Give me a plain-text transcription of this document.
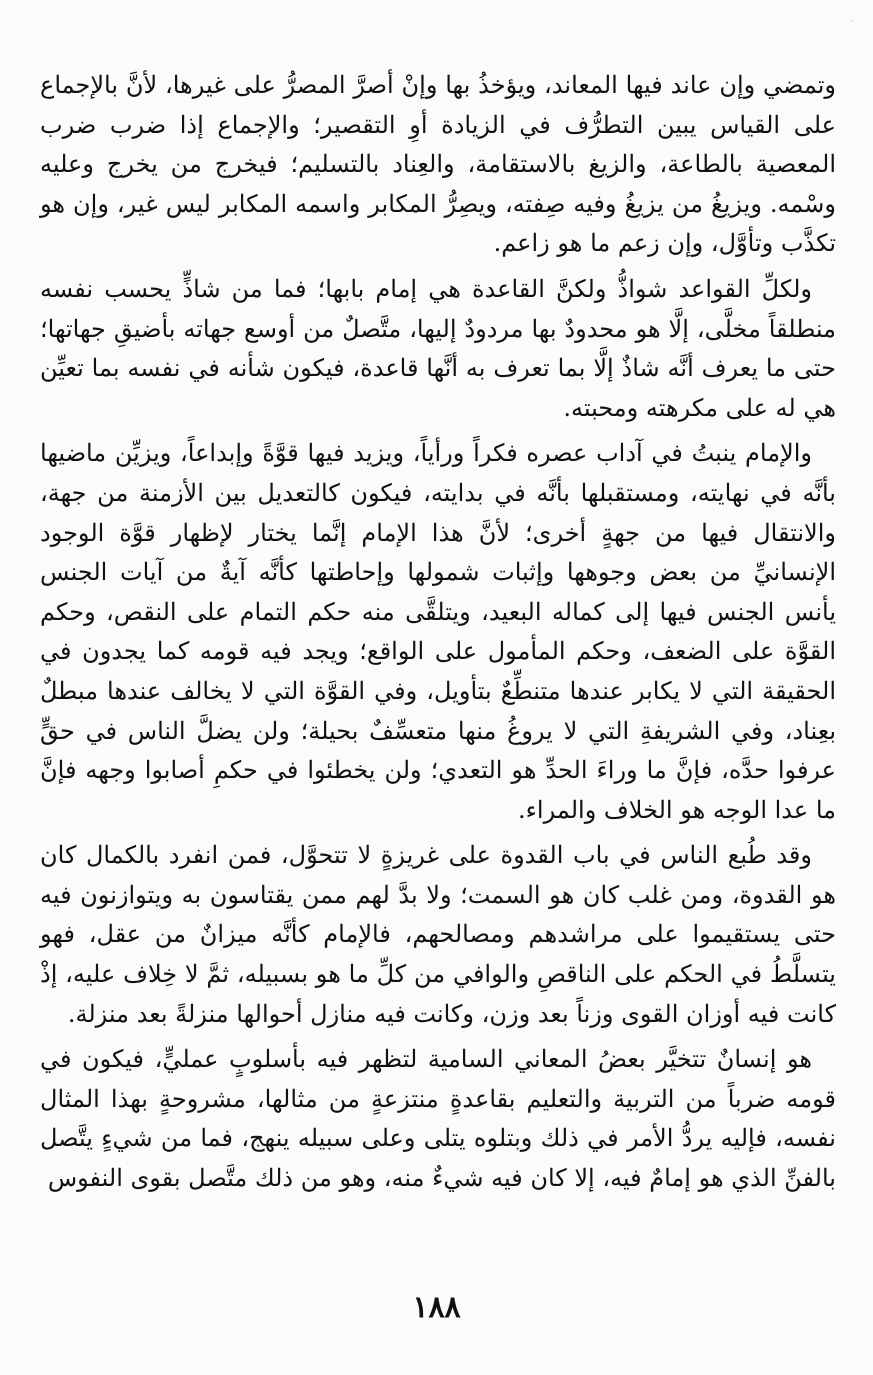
وتمضي وإن عاند فيها المعاند، ويؤخذُ بها وإنْ أصرَّ المصرُّ على غيرها، لأنَّ بالإجماع على القياس يبين التطرُّف في الزيادة أوِ التقصير؛ والإجماع إذا ضرب ضرب المعصية بالطاعة، والزيغ بالاستقامة، والعِناد بالتسليم؛ فيخرج من يخرج وعليه وسْمه. ويزيغُ من يزيغُ وفيه صِفته، ويصِرُّ المكابر واسمه المكابر ليس غير، وإن هو تكذَّب وتأوَّل، وإن زعم ما هو زاعم.

ولكلِّ القواعد شواذُّ ولكنَّ القاعدة هي إمام بابها؛ فما من شاذٍّ يحسب نفسه منطلقاً مخلَّى، إلَّا هو محدودٌ بها مردودٌ إليها، متَّصلٌ من أوسع جهاته بأضيقِ جهاتها؛ حتى ما يعرف أنَّه شاذٌ إلَّا بما تعرف به أنَّها قاعدة، فيكون شأنه في نفسه بما تعيِّن هي له على مكرهته ومحبته.

والإمام ينبتُ في آداب عصره فكراً ورأياً، ويزيد فيها قوَّةً وإبداعاً، ويزيِّن ماضيها بأنَّه في نهايته، ومستقبلها بأنَّه في بدايته، فيكون كالتعديل بين الأزمنة من جهة، والانتقال فيها من جهةٍ أخرى؛ لأنَّ هذا الإمام إنَّما يختار لإظهار قوَّة الوجود الإنسانيِّ من بعض وجوهها وإثبات شمولها وإحاطتها كأنَّه آيةٌ من آيات الجنس يأنس الجنس فيها إلى كماله البعيد، ويتلقَّى منه حكم التمام على النقص، وحكم القوَّة على الضعف، وحكم المأمول على الواقع؛ ويجد فيه قومه كما يجدون في الحقيقة التي لا يكابر عندها متنطِّعٌ بتأويل، وفي القوَّة التي لا يخالف عندها مبطلٌ بعِناد، وفي الشريفةِ التي لا يروغُ منها متعسِّفٌ بحيلة؛ ولن يضلَّ الناس في حقٍّ عرفوا حدَّه، فإنَّ ما وراءَ الحدِّ هو التعدي؛ ولن يخطئوا في حكمِ أصابوا وجهه فإنَّ ما عدا الوجه هو الخلاف والمراء.

وقد طُبع الناس في باب القدوة على غريزةٍ لا تتحوَّل، فمن انفرد بالكمال كان هو القدوة، ومن غلب كان هو السمت؛ ولا بدَّ لهم ممن يقتاسون به ويتوازنون فيه حتى يستقيموا على مراشدهم ومصالحهم، فالإمام كأنَّه ميزانٌ من عقل، فهو يتسلَّطُ في الحكم على الناقصِ والوافي من كلِّ ما هو بسبيله، ثمَّ لا خِلاف عليه، إذْ كانت فيه أوزان القوى وزناً بعد وزن، وكانت فيه منازل أحوالها منزلةً بعد منزلة.

هو إنسانٌ تتخيَّر بعضُ المعاني السامية لتظهر فيه بأسلوبٍ عمليٍّ، فيكون في قومه ضرباً من التربية والتعليم بقاعدةٍ منتزعةٍ من مثالها، مشروحةٍ بهذا المثال نفسه، فإليه يردُّ الأمر في ذلك وبتلوه يتلى وعلى سبيله ينهج، فما من شيءٍ يتَّصل بالفنِّ الذي هو إمامٌ فيه، إلا كان فيه شيءٌ منه، وهو من ذلك متَّصل بقوى النفوس

١٨٨
